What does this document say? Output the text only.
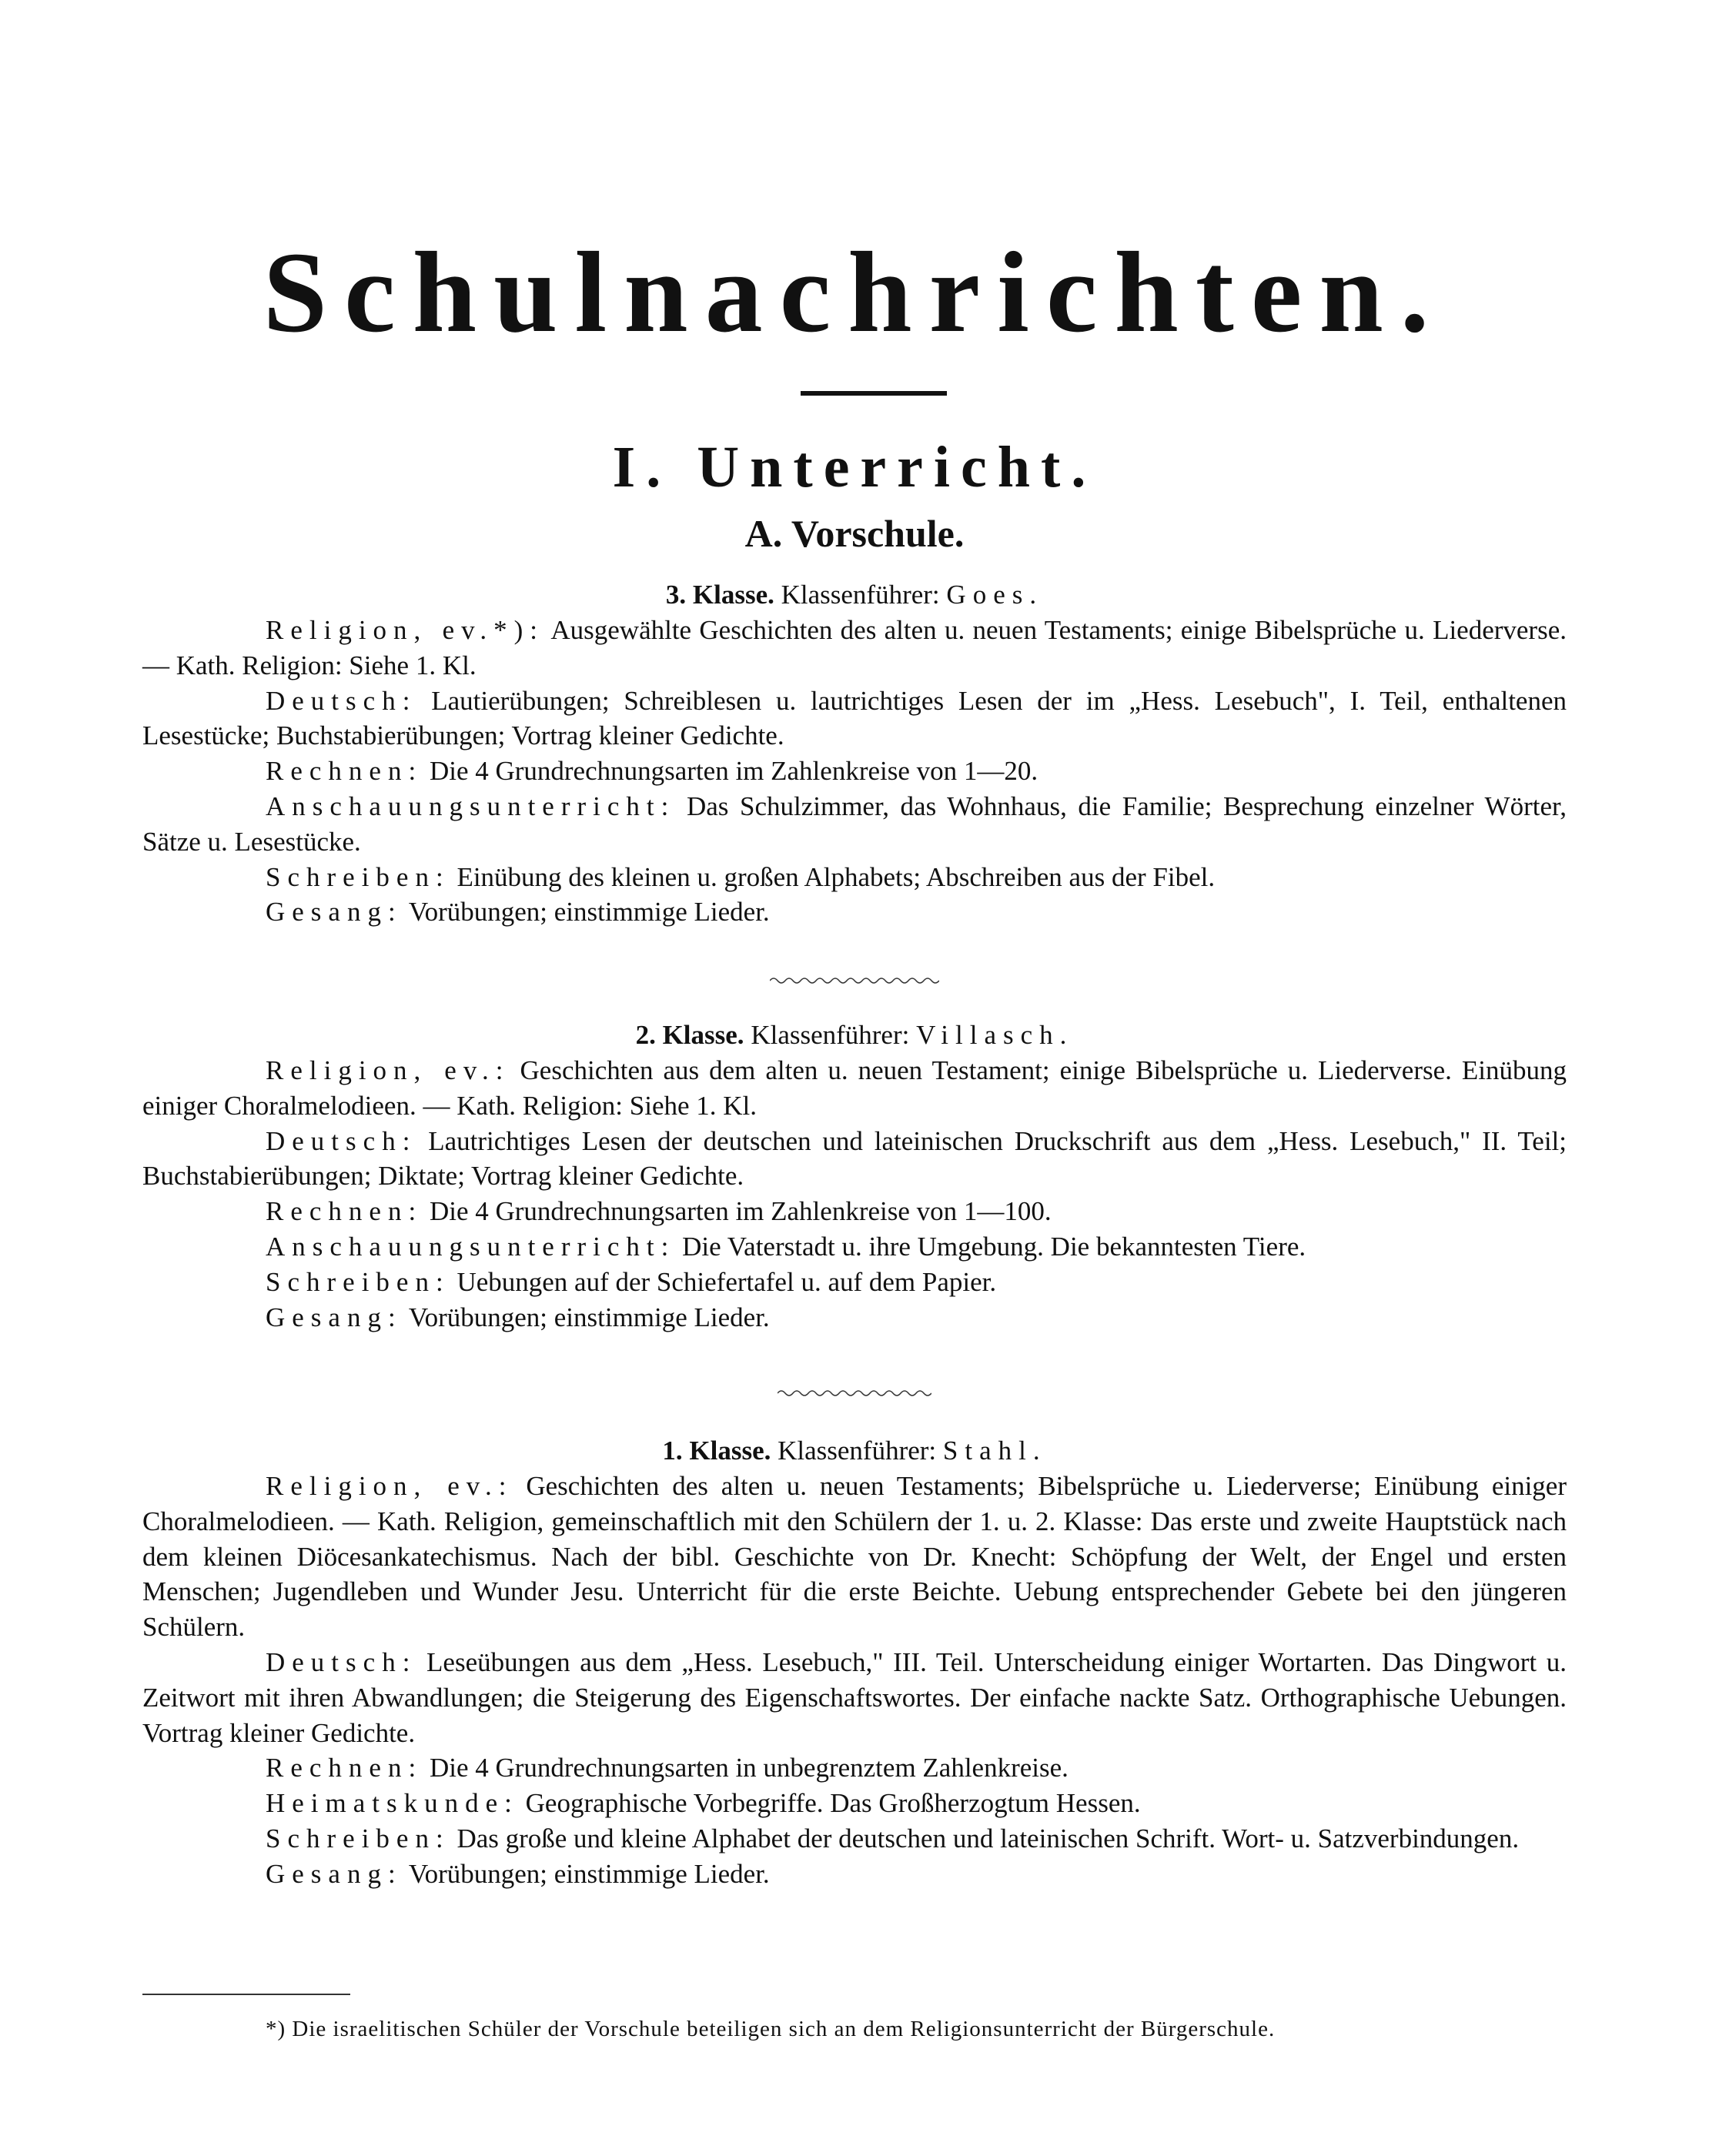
Schulnachrichten.
I. Unterricht.
A. Vorschule.

3. Klasse. Klassenführer: Goes.

Religion, ev.*): Ausgewählte Geschichten des alten u. neuen Testaments; einige Bibelsprüche u. Liederverse. — Kath. Religion: Siehe 1. Kl.

Deutsch: Lautierübungen; Schreiblesen u. lautrichtiges Lesen der im „Hess. Lesebuch", I. Teil, enthaltenen Lesestücke; Buchstabierübungen; Vortrag kleiner Gedichte.

Rechnen: Die 4 Grundrechnungsarten im Zahlenkreise von 1—20.

Anschauungsunterricht: Das Schulzimmer, das Wohnhaus, die Familie; Besprechung einzelner Wörter, Sätze u. Lesestücke.

Schreiben: Einübung des kleinen u. großen Alphabets; Abschreiben aus der Fibel.

Gesang: Vorübungen; einstimmige Lieder.

2. Klasse. Klassenführer: Villasch.

Religion, ev.: Geschichten aus dem alten u. neuen Testament; einige Bibelsprüche u. Liederverse. Einübung einiger Choralmelodieen. — Kath. Religion: Siehe 1. Kl.

Deutsch: Lautrichtiges Lesen der deutschen und lateinischen Druckschrift aus dem „Hess. Lesebuch," II. Teil; Buchstabierübungen; Diktate; Vortrag kleiner Gedichte.

Rechnen: Die 4 Grundrechnungsarten im Zahlenkreise von 1—100.

Anschauungsunterricht: Die Vaterstadt u. ihre Umgebung. Die bekanntesten Tiere.

Schreiben: Uebungen auf der Schiefertafel u. auf dem Papier.

Gesang: Vorübungen; einstimmige Lieder.

1. Klasse. Klassenführer: Stahl.

Religion, ev.: Geschichten des alten u. neuen Testaments; Bibelsprüche u. Liederverse; Einübung einiger Choralmelodieen. — Kath. Religion, gemeinschaftlich mit den Schülern der 1. u. 2. Klasse: Das erste und zweite Hauptstück nach dem kleinen Diöcesankatechismus. Nach der bibl. Geschichte von Dr. Knecht: Schöpfung der Welt, der Engel und ersten Menschen; Jugendleben und Wunder Jesu. Unterricht für die erste Beichte. Uebung entsprechender Gebete bei den jüngeren Schülern.

Deutsch: Leseübungen aus dem „Hess. Lesebuch," III. Teil. Unterscheidung einiger Wortarten. Das Dingwort u. Zeitwort mit ihren Abwandlungen; die Steigerung des Eigenschaftswortes. Der einfache nackte Satz. Orthographische Uebungen. Vortrag kleiner Gedichte.

Rechnen: Die 4 Grundrechnungsarten in unbegrenztem Zahlenkreise.

Heimatskunde: Geographische Vorbegriffe. Das Großherzogtum Hessen.

Schreiben: Das große und kleine Alphabet der deutschen und lateinischen Schrift. Wort- u. Satzverbindungen.

Gesang: Vorübungen; einstimmige Lieder.

*) Die israelitischen Schüler der Vorschule beteiligen sich an dem Religionsunterricht der Bürgerschule.
